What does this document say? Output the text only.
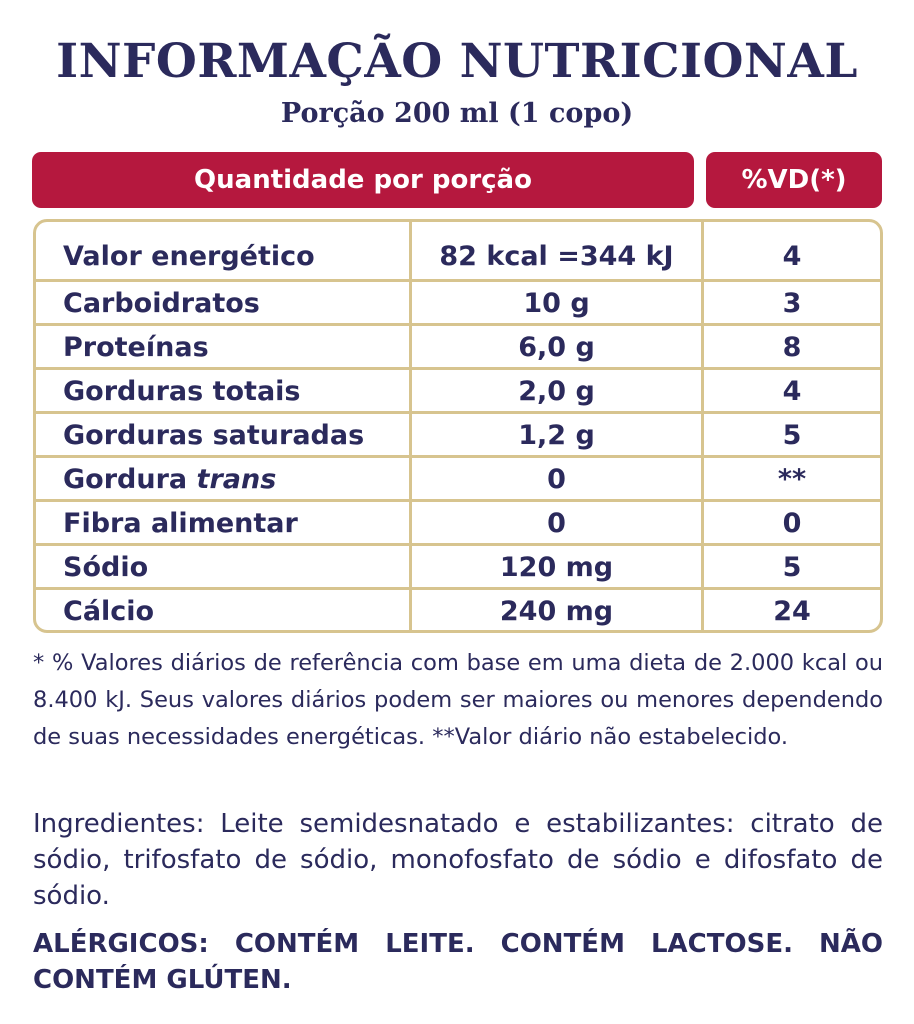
INFORMAÇÃO NUTRICIONAL
Porção 200 ml (1 copo)
Quantidade por porção	%VD(*)
Valor energético	82 kcal =344 kJ	4
Carboidratos	10 g	3
Proteínas	6,0 g	8
Gorduras totais	2,0 g	4
Gorduras saturadas	1,2 g	5
Gordura trans	0	**
Fibra alimentar	0	0
Sódio	120 mg	5
Cálcio	240 mg	24
* % Valores diários de referência com base em uma dieta de 2.000 kcal ou 8.400 kJ. Seus valores diários podem ser maiores ou menores dependendo de suas necessidades energéticas. **Valor diário não estabelecido.
Ingredientes: Leite semidesnatado e estabilizantes: citrato de sódio, trifosfato de sódio, monofosfato de sódio e difosfato de sódio.
ALÉRGICOS: CONTÉM LEITE. CONTÉM LACTOSE. NÃO CONTÉM GLÚTEN.
